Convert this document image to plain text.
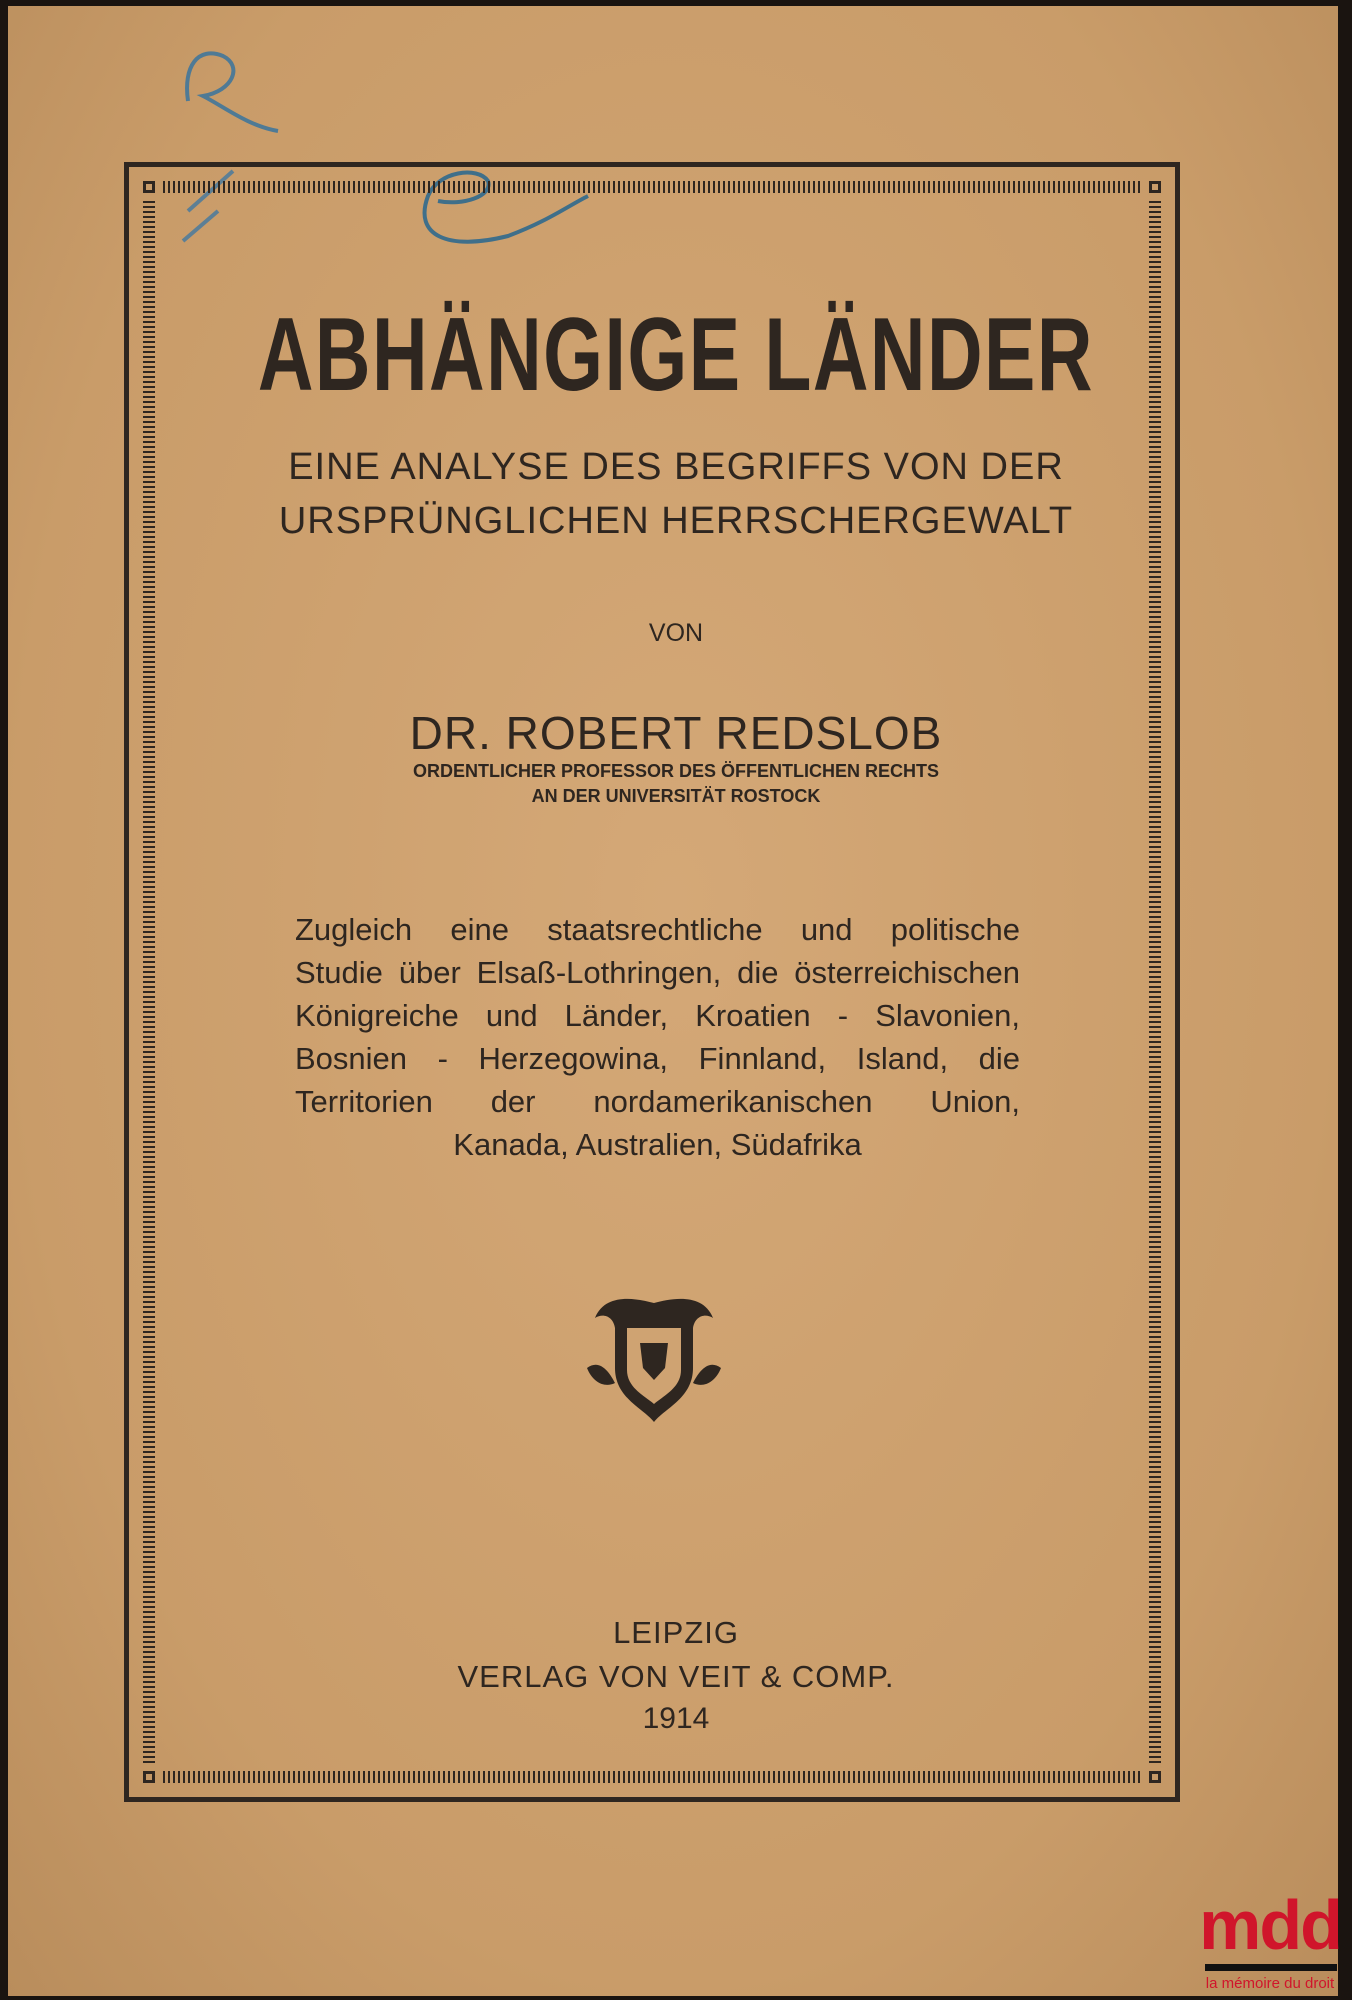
ABHÄNGIGE LÄNDER
EINE ANALYSE DES BEGRIFFS VON DER
URSPRÜNGLICHEN HERRSCHERGEWALT
VON
DR. ROBERT REDSLOB
ORDENTLICHER PROFESSOR DES ÖFFENTLICHEN RECHTS
AN DER UNIVERSITÄT ROSTOCK
Zugleich eine staatsrechtliche und politische
Studie über Elsaß-Lothringen, die österreichischen
Königreiche und Länder, Kroatien - Slavonien,
Bosnien - Herzegowina, Finnland, Island, die
Territorien der nordamerikanischen Union,
Kanada, Australien, Südafrika
LEIPZIG
VERLAG VON VEIT & COMP.
1914
mdd
la mémoire du droit
